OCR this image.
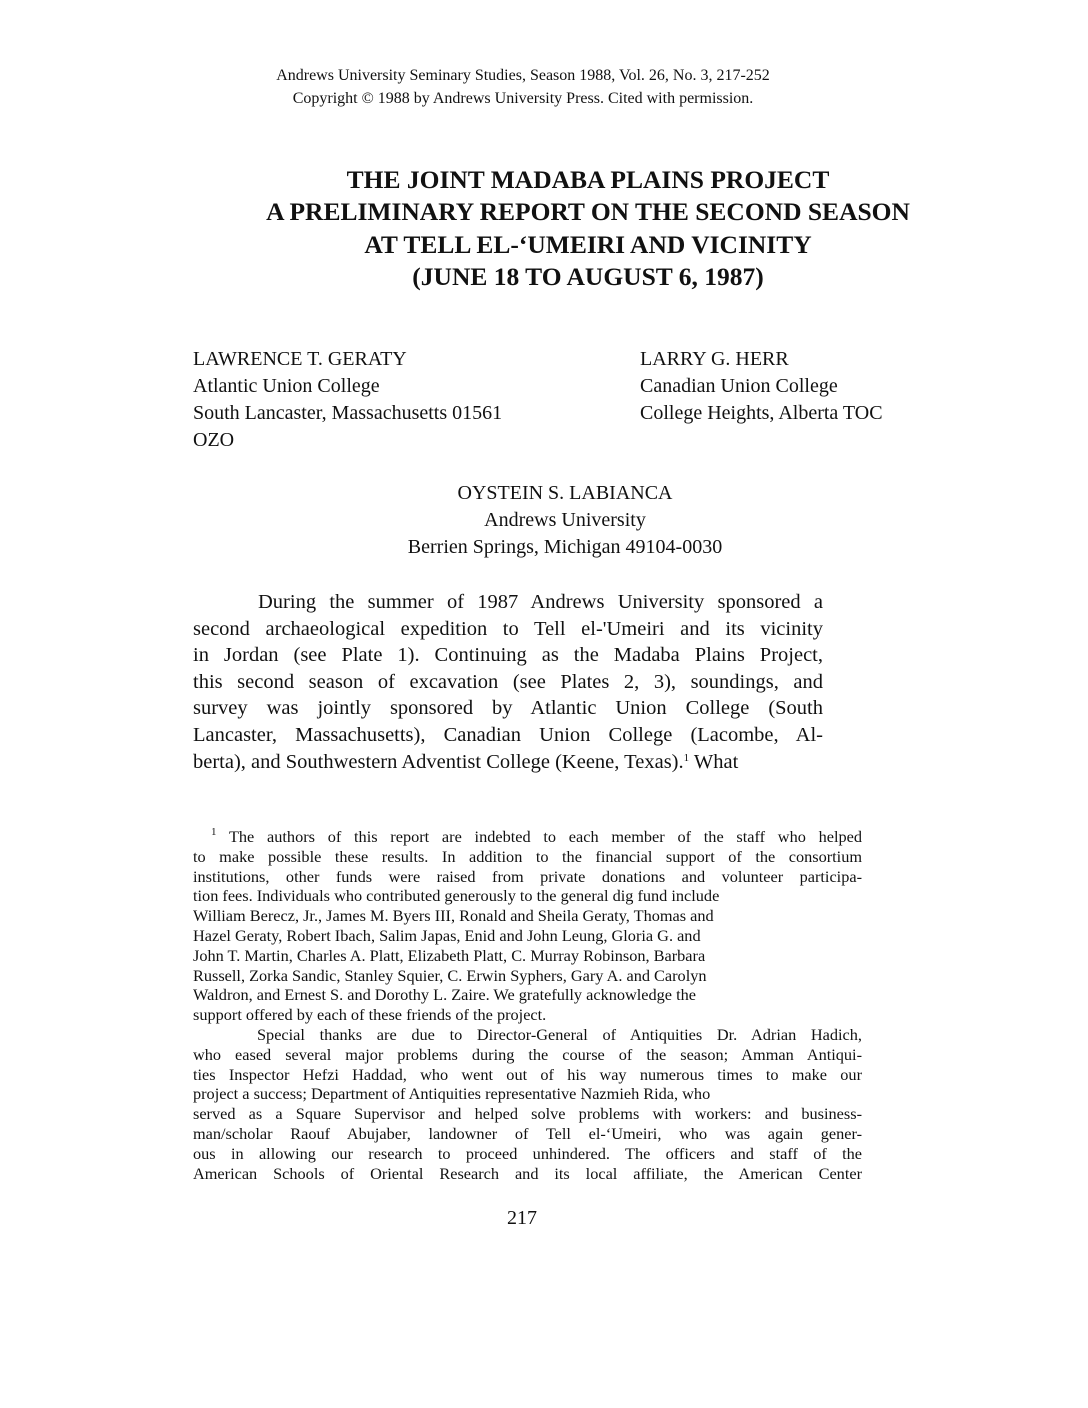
Andrews University Seminary Studies, Season 1988, Vol. 26, No. 3, 217-252
Copyright © 1988 by Andrews University Press. Cited with permission.
THE JOINT MADABA PLAINS PROJECT
A PRELIMINARY REPORT ON THE SECOND SEASON
AT TELL EL-‘UMEIRI AND VICINITY
(JUNE 18 TO AUGUST 6, 1987)
LAWRENCE T. GERATY
Atlantic Union College
South Lancaster, Massachusetts 01561
OZO
LARRY G. HERR
Canadian Union College
College Heights, Alberta TOC
OYSTEIN S. LABIANCA
Andrews University
Berrien Springs, Michigan 49104-0030
During the summer of 1987 Andrews University sponsored a
second archaeological expedition to Tell el-'Umeiri and its vicinity
in Jordan (see Plate 1). Continuing as the Madaba Plains Project,
this second season of excavation (see Plates 2, 3), soundings, and
survey was jointly sponsored by Atlantic Union College (South
Lancaster, Massachusetts), Canadian Union College (Lacombe, Al-
berta), and Southwestern Adventist College (Keene, Texas).$^1$ What
$^1$ The authors of this report are indebted to each member of the staff who helped
to make possible these results. In addition to the financial support of the consortium
institutions, other funds were raised from private donations and volunteer participa-
tion fees. Individuals who contributed generously to the general dig fund include
William Berecz, Jr., James M. Byers III, Ronald and Sheila Geraty, Thomas and
Hazel Geraty, Robert Ibach, Salim Japas, Enid and John Leung, Gloria G. and
John T. Martin, Charles A. Platt, Elizabeth Platt, C. Murray Robinson, Barbara
Russell, Zorka Sandic, Stanley Squier, C. Erwin Syphers, Gary A. and Carolyn
Waldron, and Ernest S. and Dorothy L. Zaire. We gratefully acknowledge the
support offered by each of these friends of the project.
Special thanks are due to Director-General of Antiquities Dr. Adrian Hadich,
who eased several major problems during the course of the season; Amman Antiqui-
ties Inspector Hefzi Haddad, who went out of his way numerous times to make our
project a success; Department of Antiquities representative Nazmieh Rida, who
served as a Square Supervisor and helped solve problems with workers: and business-
man/scholar Raouf Abujaber, landowner of Tell el-‘Umeiri, who was again gener-
ous in allowing our research to proceed unhindered. The officers and staff of the
American Schools of Oriental Research and its local affiliate, the American Center
217
